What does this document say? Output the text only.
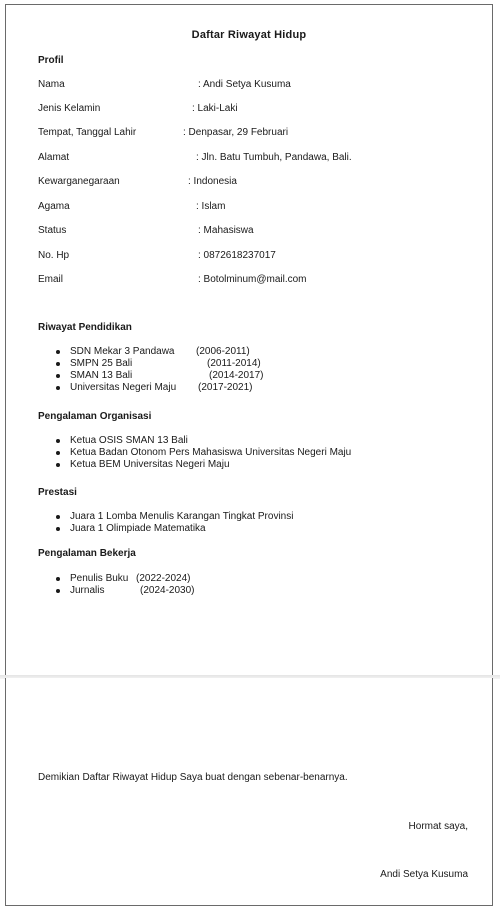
Daftar Riwayat Hidup
Profil
Nama	: Andi Setya Kusuma
Jenis Kelamin	: Laki-Laki
Tempat, Tanggal Lahir	: Denpasar, 29 Februari
Alamat	: Jln. Batu Tumbuh, Pandawa, Bali.
Kewarganegaraan	: Indonesia
Agama	: Islam
Status	: Mahasiswa
No. Hp	: 0872618237017
Email	: Botolminum@mail.com
Riwayat Pendidikan
SDN Mekar 3 Pandawa (2006-2011)
SMPN 25 Bali	(2011-2014)
SMAN 13 Bali	(2014-2017)
Universitas Negeri Maju (2017-2021)
Pengalaman Organisasi
Ketua OSIS SMAN 13 Bali
Ketua Badan Otonom Pers Mahasiswa Universitas Negeri Maju
Ketua BEM Universitas Negeri Maju
Prestasi
Juara 1 Lomba Menulis Karangan Tingkat Provinsi
Juara 1 Olimpiade Matematika
Pengalaman Bekerja
Penulis Buku (2022-2024)
Jurnalis	(2024-2030)
Demikian Daftar Riwayat Hidup Saya buat dengan sebenar-benarnya.
Hormat saya,
Andi Setya Kusuma
